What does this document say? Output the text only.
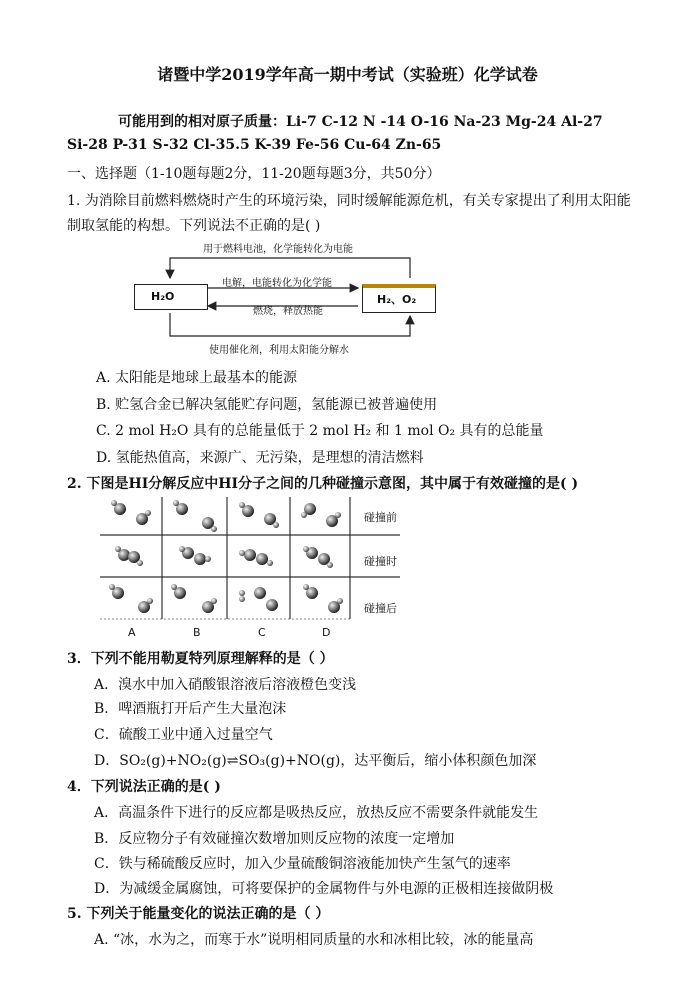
诸暨中学2019学年高一期中考试（实验班）化学试卷
可能用到的相对原子质量：Li-7 C-12 N -14 O-16 Na-23 Mg-24 Al-27
Si-28 P-31 S-32 Cl-35.5 K-39 Fe-56 Cu-64 Zn-65
一、选择题（1-10题每题2分，11-20题每题3分，共50分）
1. 为消除目前燃料燃烧时产生的环境污染，同时缓解能源危机，有关专家提出了利用太阳能
制取氢能的构想。下列说法不正确的是( )
用于燃料电池，化学能转化为电能
电解，电能转化为化学能
燃烧，释放热能
使用催化剂，利用太阳能分解水
H₂O	H₂、O₂
A. 太阳能是地球上最基本的能源
B. 贮氢合金已解决氢能贮存问题，氢能源已被普遍使用
C. 2 mol H₂O 具有的总能量低于 2 mol H₂ 和 1 mol O₂ 具有的总能量
D. 氢能热值高，来源广、无污染，是理想的清洁燃料
2. 下图是HI分解反应中HI分子之间的几种碰撞示意图，其中属于有效碰撞的是( )
碰撞前
碰撞时
碰撞后
A	B	C	D
3．下列不能用勒夏特列原理解释的是（ ）
A．溴水中加入硝酸银溶液后溶液橙色变浅
B．啤酒瓶打开后产生大量泡沫
C．硫酸工业中通入过量空气
D．SO₂(g)+NO₂(g)⇌SO₃(g)+NO(g)，达平衡后，缩小体积颜色加深
4．下列说法正确的是( )
A．高温条件下进行的反应都是吸热反应，放热反应不需要条件就能发生
B．反应物分子有效碰撞次数增加则反应物的浓度一定增加
C．铁与稀硫酸反应时，加入少量硫酸铜溶液能加快产生氢气的速率
D．为减缓金属腐蚀，可将要保护的金属物件与外电源的正极相连接做阴极
5. 下列关于能量变化的说法正确的是（ ）
A. “冰，水为之，而寒于水”说明相同质量的水和冰相比较，冰的能量高
